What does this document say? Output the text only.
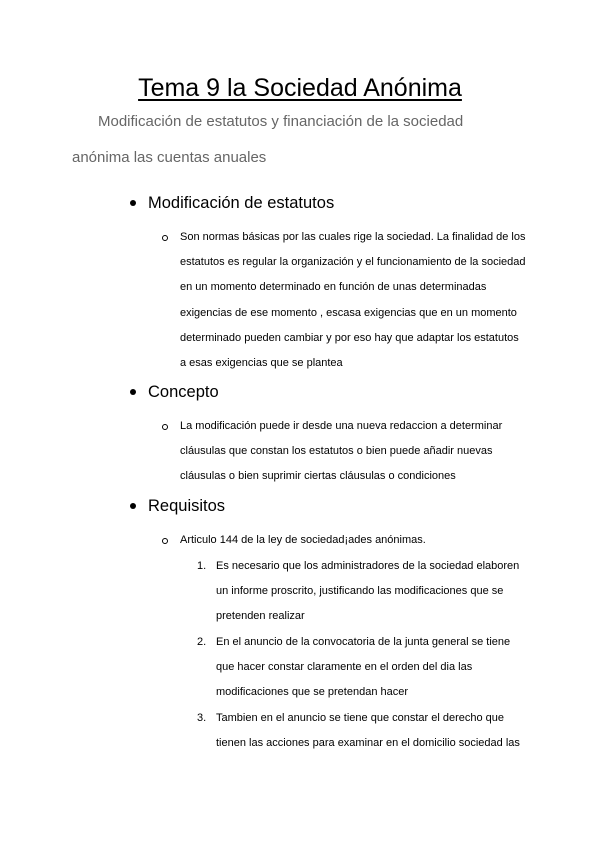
Tema 9 la Sociedad Anónima

Modificación de estatutos y financiación de la sociedad anónima las cuentas anuales

Modificación de estatutos
Son normas básicas por las cuales rige la sociedad. La finalidad de los estatutos es regular la organización y el funcionamiento de la sociedad en un momento determinado en función de unas determinadas exigencias de ese momento , escasa exigencias que en un momento determinado pueden cambiar y por eso hay que adaptar los estatutos a esas exigencias que se plantea
Concepto
La modificación puede ir desde una nueva redaccion a determinar cláusulas que constan los estatutos o bien puede añadir nuevas cláusulas o bien suprimir ciertas cláusulas o condiciones
Requisitos
Articulo 144 de la ley de sociedad¡ades anónimas.
1. Es necesario que los administradores de la sociedad elaboren un informe proscrito, justificando las modificaciones que se pretenden realizar
2. En el anuncio de la convocatoria de la junta general se tiene que hacer constar claramente en el orden del dia las modificaciones que se pretendan hacer
3. Tambien en el anuncio se tiene que constar el derecho que tienen las acciones para examinar en el domicilio sociedad las
